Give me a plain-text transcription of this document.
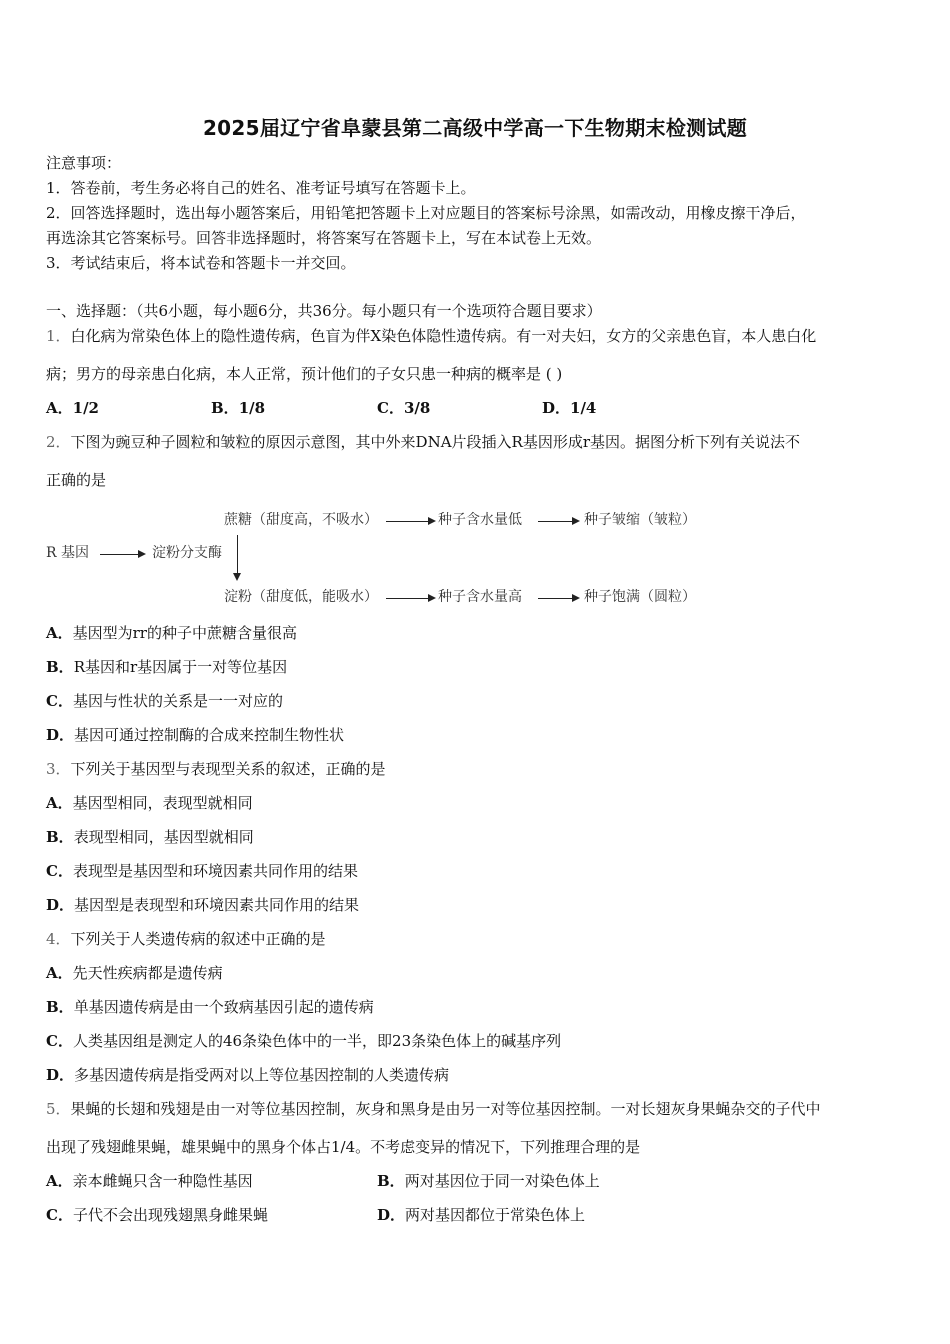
2025届辽宁省阜蒙县第二高级中学高一下生物期末检测试题
注意事项：
1．答卷前，考生务必将自己的姓名、准考证号填写在答题卡上。
2．回答选择题时，选出每小题答案后，用铅笔把答题卡上对应题目的答案标号涂黑，如需改动，用橡皮擦干净后，
再选涂其它答案标号。回答非选择题时，将答案写在答题卡上，写在本试卷上无效。
3．考试结束后，将本试卷和答题卡一并交回。
一、选择题：（共6小题，每小题6分，共36分。每小题只有一个选项符合题目要求）
1．白化病为常染色体上的隐性遗传病，色盲为伴X染色体隐性遗传病。有一对夫妇，女方的父亲患色盲，本人患白化
病；男方的母亲患白化病，本人正常，预计他们的子女只患一种病的概率是 ( )
A．1/2	B．1/8	C．3/8	D．1/4
2．下图为豌豆种子圆粒和皱粒的原因示意图，其中外来DNA片段插入R基因形成r基因。据图分析下列有关说法不
正确的是
蔗糖（甜度高，不吸水）	种子含水量低	种子皱缩（皱粒）
R 基因	淀粉分支酶
淀粉（甜度低，能吸水）	种子含水量高	种子饱满（圆粒）
A．基因型为rr的种子中蔗糖含量很高
B．R基因和r基因属于一对等位基因
C．基因与性状的关系是一一对应的
D．基因可通过控制酶的合成来控制生物性状
3．下列关于基因型与表现型关系的叙述，正确的是
A．基因型相同，表现型就相同
B．表现型相同，基因型就相同
C．表现型是基因型和环境因素共同作用的结果
D．基因型是表现型和环境因素共同作用的结果
4．下列关于人类遗传病的叙述中正确的是
A．先天性疾病都是遗传病
B．单基因遗传病是由一个致病基因引起的遗传病
C．人类基因组是测定人的46条染色体中的一半，即23条染色体上的碱基序列
D．多基因遗传病是指受两对以上等位基因控制的人类遗传病
5．果蝇的长翅和残翅是由一对等位基因控制，灰身和黑身是由另一对等位基因控制。一对长翅灰身果蝇杂交的子代中
出现了残翅雌果蝇，雄果蝇中的黑身个体占1/4。不考虑变异的情况下，下列推理合理的是
A．亲本雌蝇只含一种隐性基因	B．两对基因位于同一对染色体上
C．子代不会出现残翅黑身雌果蝇	D．两对基因都位于常染色体上
